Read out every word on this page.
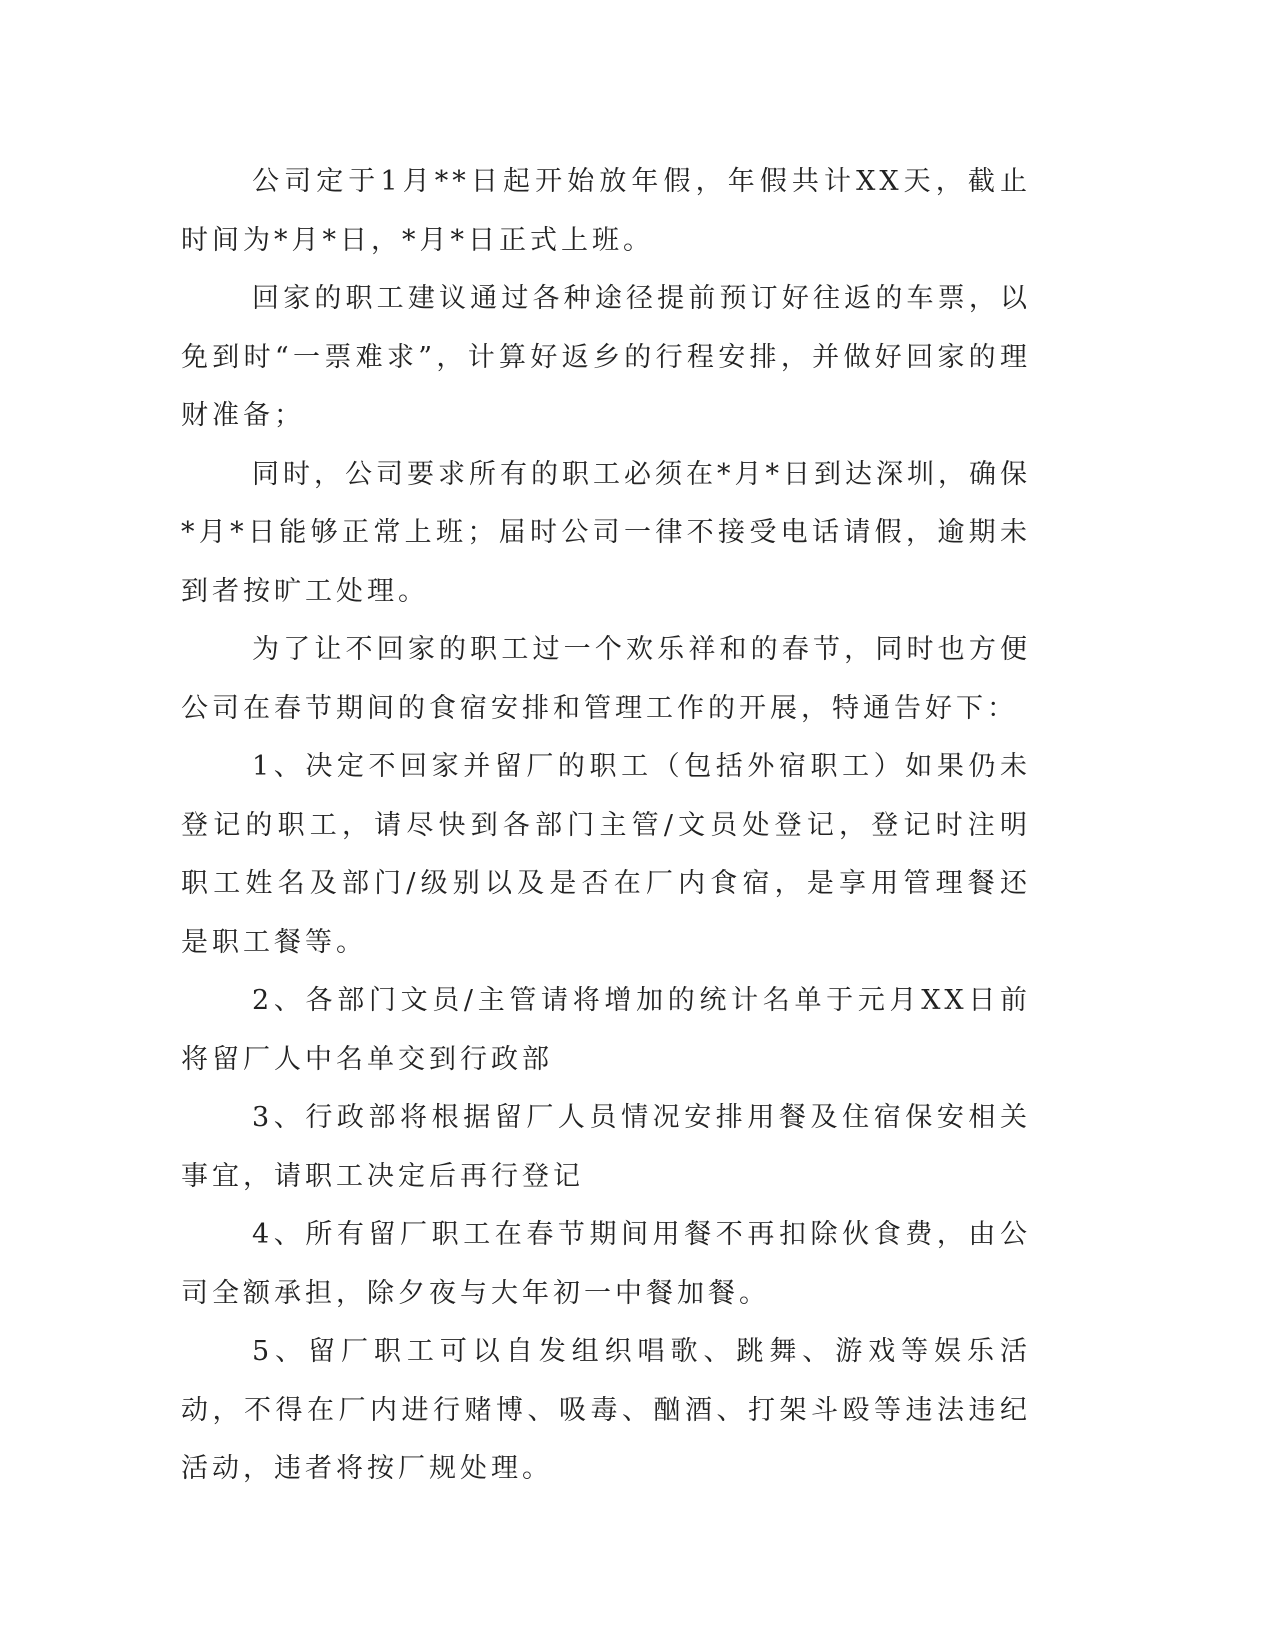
公司定于1月**日起开始放年假，年假共计XX天，截止时间为*月*日，*月*日正式上班。

回家的职工建议通过各种途径提前预订好往返的车票，以免到时“一票难求”，计算好返乡的行程安排，并做好回家的理财准备；

同时，公司要求所有的职工必须在*月*日到达深圳，确保*月*日能够正常上班；届时公司一律不接受电话请假，逾期未到者按旷工处理。

为了让不回家的职工过一个欢乐祥和的春节，同时也方便公司在春节期间的食宿安排和管理工作的开展，特通告好下：

1、决定不回家并留厂的职工（包括外宿职工）如果仍未登记的职工，请尽快到各部门主管/文员处登记，登记时注明职工姓名及部门/级别以及是否在厂内食宿，是享用管理餐还是职工餐等。

2、各部门文员/主管请将增加的统计名单于元月XX日前将留厂人中名单交到行政部

3、行政部将根据留厂人员情况安排用餐及住宿保安相关事宜，请职工决定后再行登记

4、所有留厂职工在春节期间用餐不再扣除伙食费，由公司全额承担，除夕夜与大年初一中餐加餐。

5、留厂职工可以自发组织唱歌、跳舞、游戏等娱乐活动，不得在厂内进行赌博、吸毒、酗酒、打架斗殴等违法违纪活动，违者将按厂规处理。
